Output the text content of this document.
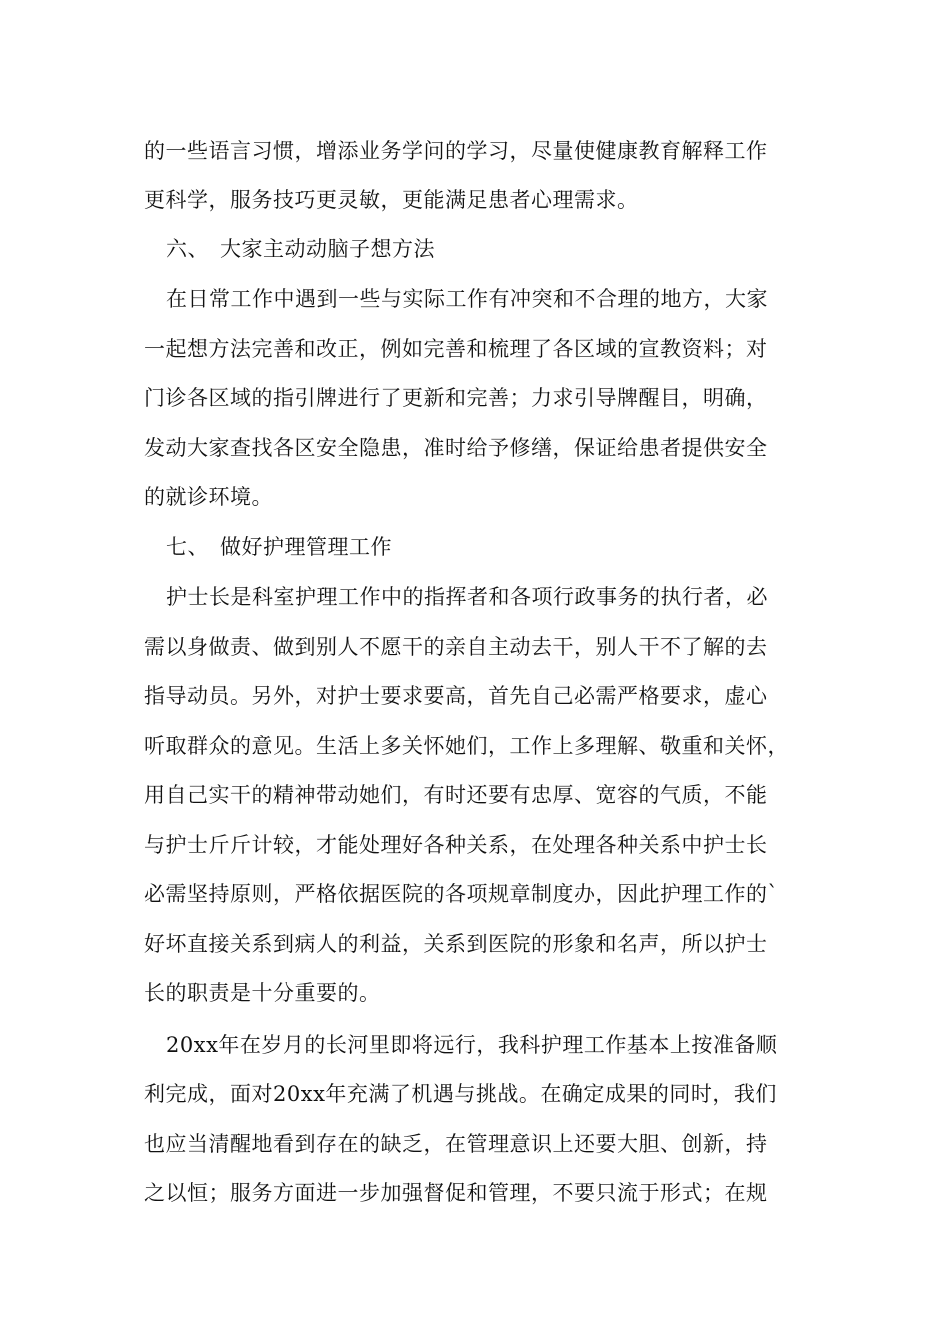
的一些语言习惯，增添业务学问的学习，尽量使健康教育解释工作
更科学，服务技巧更灵敏，更能满足患者心理需求。
六、 大家主动动脑子想方法
在日常工作中遇到一些与实际工作有冲突和不合理的地方，大家
一起想方法完善和改正，例如完善和梳理了各区域的宣教资料；对
门诊各区域的指引牌进行了更新和完善；力求引导牌醒目，明确，
发动大家查找各区安全隐患，准时给予修缮，保证给患者提供安全
的就诊环境。
七、 做好护理管理工作
护士长是科室护理工作中的指挥者和各项行政事务的执行者，必
需以身做责、做到别人不愿干的亲自主动去干，别人干不了解的去
指导动员。另外，对护士要求要高，首先自己必需严格要求，虚心
听取群众的意见。生活上多关怀她们，工作上多理解、敬重和关怀，
用自己实干的精神带动她们，有时还要有忠厚、宽容的气质，不能
与护士斤斤计较，才能处理好各种关系，在处理各种关系中护士长
必需坚持原则，严格依据医院的各项规章制度办，因此护理工作的`
好坏直接关系到病人的利益，关系到医院的形象和名声，所以护士
长的职责是十分重要的。
20xx年在岁月的长河里即将远行，我科护理工作基本上按准备顺
利完成，面对20xx年充满了机遇与挑战。在确定成果的同时，我们
也应当清醒地看到存在的缺乏，在管理意识上还要大胆、创新，持
之以恒；服务方面进一步加强督促和管理，不要只流于形式；在规
